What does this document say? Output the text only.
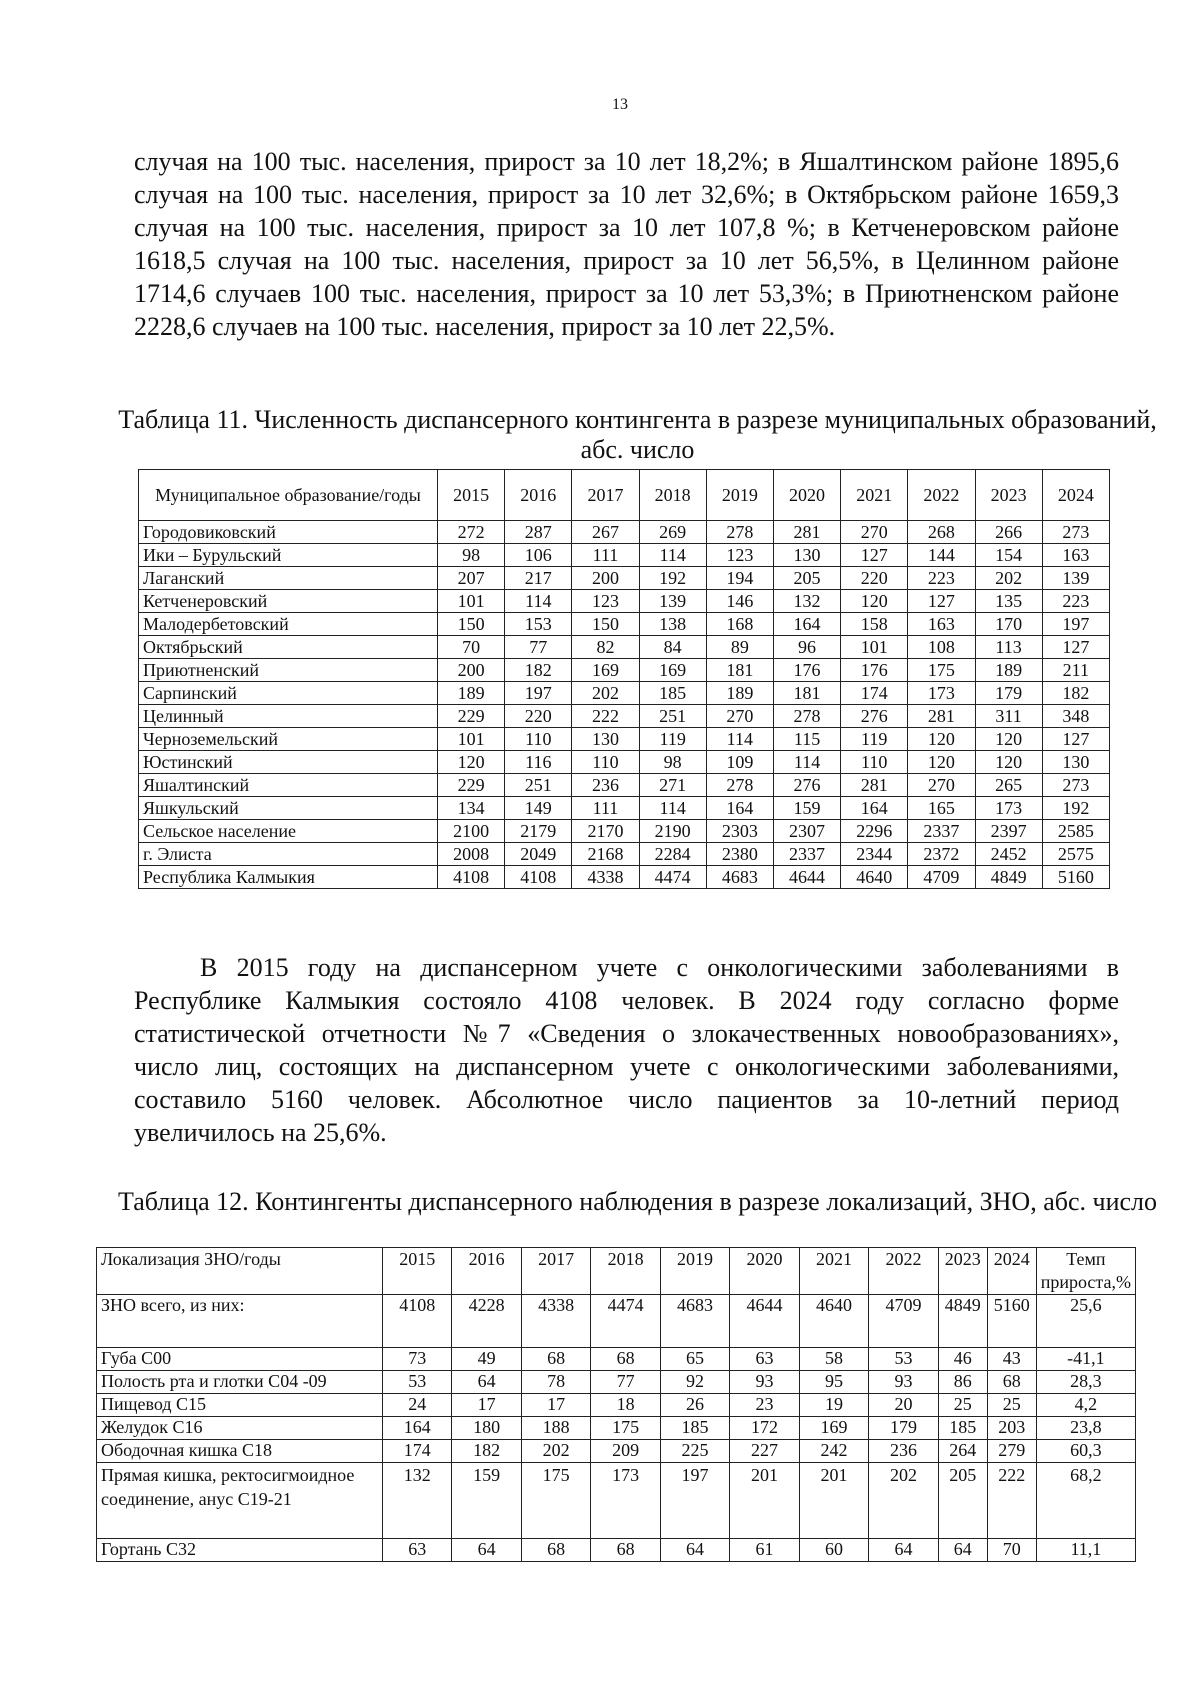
13

случая на 100 тыс. населения, прирост за 10 лет 18,2%; в Яшалтинском районе 1895,6 случая на 100 тыс. населения, прирост за 10 лет 32,6%; в Октябрьском районе 1659,3 случая на 100 тыс. населения, прирост за 10 лет 107,8 %; в Кетченеровском районе 1618,5 случая на 100 тыс. населения, прирост за 10 лет 56,5%, в Целинном районе 1714,6 случаев 100 тыс. населения, прирост за 10 лет 53,3%; в Приютненском районе 2228,6 случаев на 100 тыс. населения, прирост за 10 лет 22,5%.

Таблица 11. Численность диспансерного контингента в разрезе муниципальных образований, абс. число

Муниципальное образование/годы	2015	2016	2017	2018	2019	2020	2021	2022	2023	2024
Городовиковский	272	287	267	269	278	281	270	268	266	273
Ики – Бурульский	98	106	111	114	123	130	127	144	154	163
Лаганский	207	217	200	192	194	205	220	223	202	139
Кетченеровский	101	114	123	139	146	132	120	127	135	223
Малодербетовский	150	153	150	138	168	164	158	163	170	197
Октябрьский	70	77	82	84	89	96	101	108	113	127
Приютненский	200	182	169	169	181	176	176	175	189	211
Сарпинский	189	197	202	185	189	181	174	173	179	182
Целинный	229	220	222	251	270	278	276	281	311	348
Черноземельский	101	110	130	119	114	115	119	120	120	127
Юстинский	120	116	110	98	109	114	110	120	120	130
Яшалтинский	229	251	236	271	278	276	281	270	265	273
Яшкульский	134	149	111	114	164	159	164	165	173	192
Сельское население	2100	2179	2170	2190	2303	2307	2296	2337	2397	2585
г. Элиста	2008	2049	2168	2284	2380	2337	2344	2372	2452	2575
Республика Калмыкия	4108	4108	4338	4474	4683	4644	4640	4709	4849	5160

В 2015 году на диспансерном учете с онкологическими заболеваниями в Республике Калмыкия состояло 4108 человек. В 2024 году согласно форме статистической отчетности №7 «Сведения о злокачественных новообразованиях», число лиц, состоящих на диспансерном учете с онкологическими заболеваниями, составило 5160 человек. Абсолютное число пациентов за 10-летний период увеличилось на 25,6%.

Таблица 12. Контингенты диспансерного наблюдения в разрезе локализаций, ЗНО, абс. число

Локализация ЗНО/годы	2015	2016	2017	2018	2019	2020	2021	2022	2023	2024	Темп прироста,%
ЗНО всего, из них:	4108	4228	4338	4474	4683	4644	4640	4709	4849	5160	25,6
Губа С00	73	49	68	68	65	63	58	53	46	43	-41,1
Полость рта и глотки С04 -09	53	64	78	77	92	93	95	93	86	68	28,3
Пищевод С15	24	17	17	18	26	23	19	20	25	25	4,2
Желудок С16	164	180	188	175	185	172	169	179	185	203	23,8
Ободочная кишка С18	174	182	202	209	225	227	242	236	264	279	60,3
Прямая кишка, ректосигмоидное соединение, анус С19-21	132	159	175	173	197	201	201	202	205	222	68,2
Гортань С32	63	64	68	68	64	61	60	64	64	70	11,1
